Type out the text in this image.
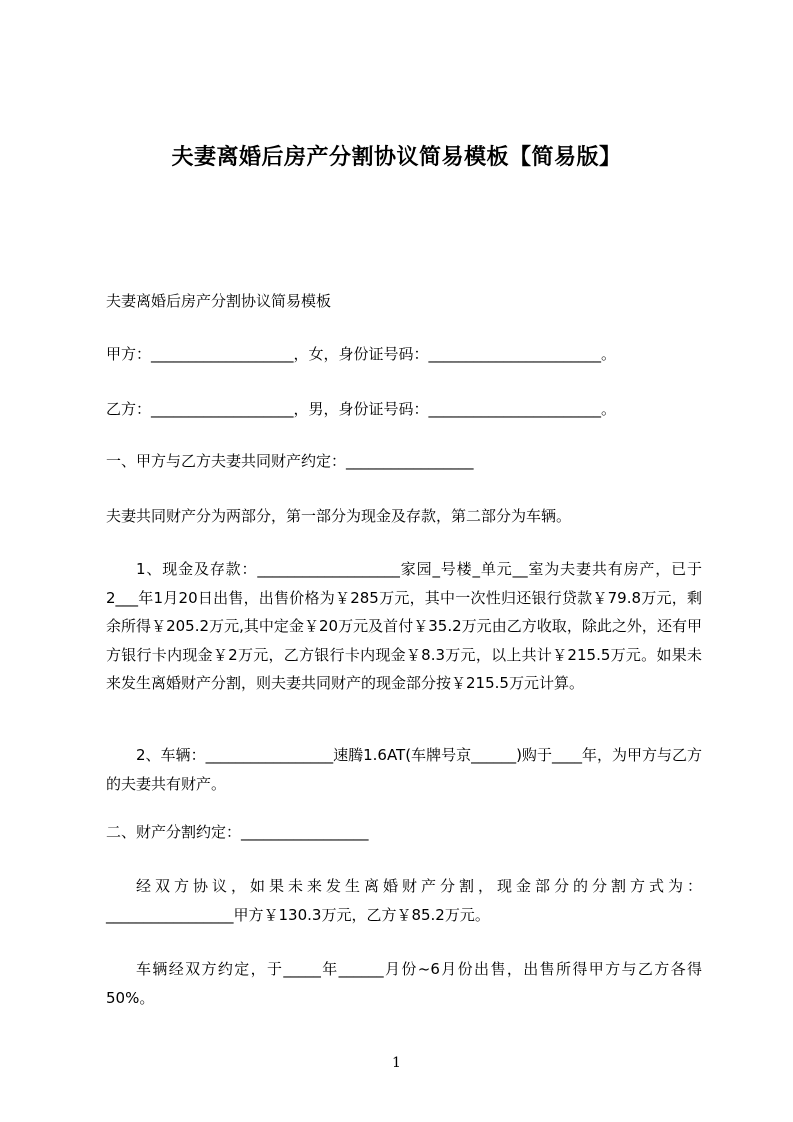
夫妻离婚后房产分割协议简易模板【简易版】
夫妻离婚后房产分割协议简易模板
甲方：___________________，女，身份证号码：_______________________。
乙方：___________________，男，身份证号码：_______________________。
一、甲方与乙方夫妻共同财产约定：_________________
夫妻共同财产分为两部分，第一部分为现金及存款，第二部分为车辆。
1、现金及存款：___________________家园_号楼_单元__室为夫妻共有房产，已于2___年1月20日出售，出售价格为￥285万元，其中一次性归还银行贷款￥79.8万元，剩余所得￥205.2万元,其中定金￥20万元及首付￥35.2万元由乙方收取，除此之外，还有甲方银行卡内现金￥2万元，乙方银行卡内现金￥8.3万元，以上共计￥215.5万元。如果未来发生离婚财产分割，则夫妻共同财产的现金部分按￥215.5万元计算。
2、车辆：_________________速腾1.6AT(车牌号京______)购于____年，为甲方与乙方的夫妻共有财产。
二、财产分割约定：_________________
经双方协议，如果未来发生离婚财产分割，现金部分的分割方式为：_________________甲方￥130.3万元，乙方￥85.2万元。
车辆经双方约定，于_____年______月份~6月份出售，出售所得甲方与乙方各得50%。
1
